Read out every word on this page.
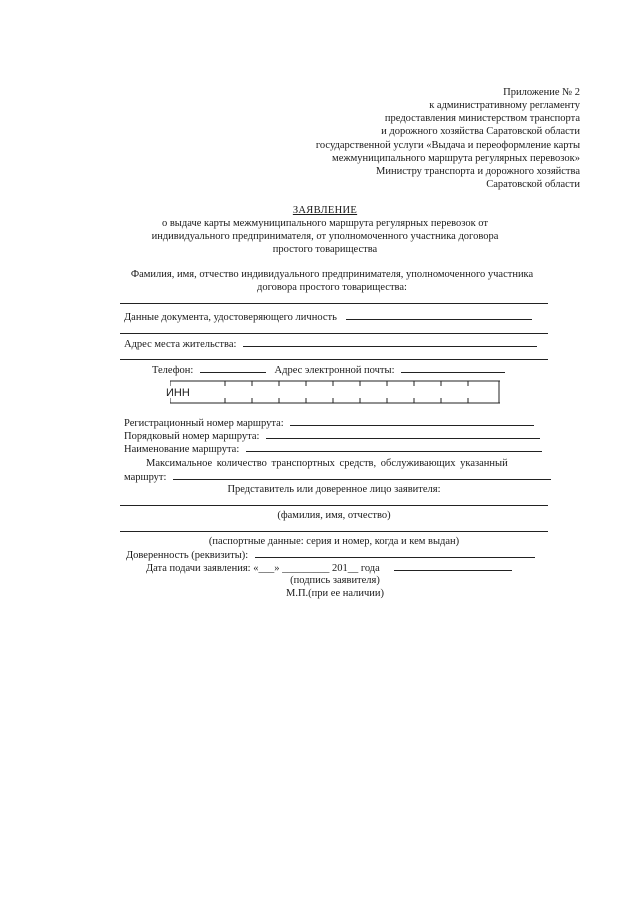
Приложение № 2
к административному регламенту
предоставления министерством транспорта
и дорожного хозяйства Саратовской области
государственной услуги «Выдача и переоформление карты
межмуниципального маршрута регулярных перевозок»
Министру транспорта и дорожного хозяйства
Саратовской области
ЗАЯВЛЕНИЕ
о выдаче карты межмуниципального маршрута регулярных перевозок от
индивидуального предпринимателя, от уполномоченного участника договора
простого товарищества
Фамилия, имя, отчество индивидуального предпринимателя, уполномоченного участника
договора простого товарищества:
Данные документа, удостоверяющего личность
Адрес места жительства:
Телефон:	Адрес электронной почты:
ИНН
Регистрационный номер маршрута:
Порядковый номер маршрута:
Наименование маршрута:
Максимальное количество транспортных средств, обслуживающих указанный
маршрут:
Представитель или доверенное лицо заявителя:
(фамилия, имя, отчество)
(паспортные данные: серия и номер, когда и кем выдан)
Доверенность (реквизиты):
Дата подачи заявления: «___» _________ 201__ года
(подпись заявителя)
М.П.(при ее наличии)
